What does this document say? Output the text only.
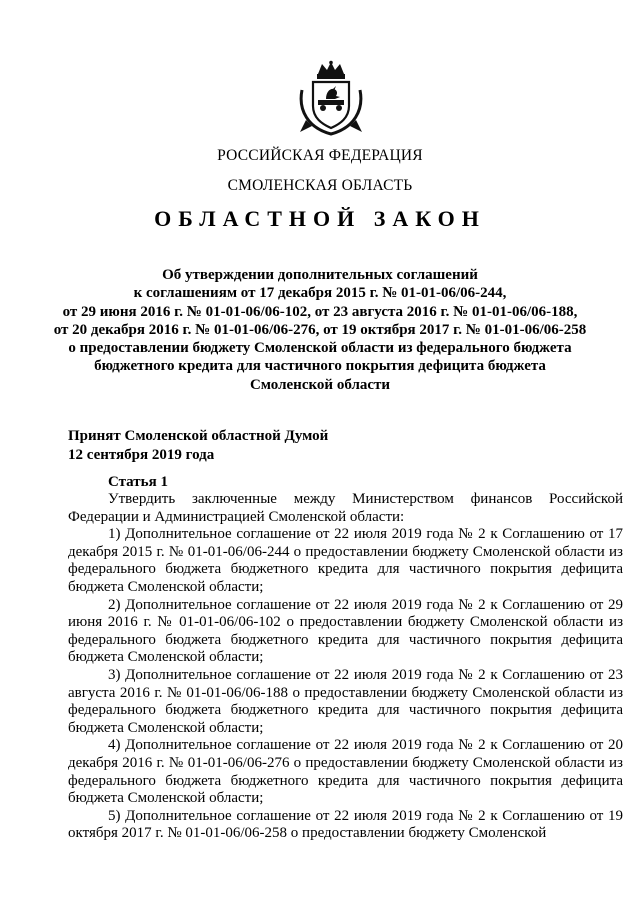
РОССИЙСКАЯ ФЕДЕРАЦИЯ
СМОЛЕНСКАЯ ОБЛАСТЬ
ОБЛАСТНОЙ ЗАКОН
Об утверждении дополнительных соглашений
к соглашениям от 17 декабря 2015 г. № 01-01-06/06-244,
от 29 июня 2016 г. № 01-01-06/06-102, от 23 августа 2016 г. № 01-01-06/06-188,
от 20 декабря 2016 г. № 01-01-06/06-276, от 19 октября 2017 г. № 01-01-06/06-258
о предоставлении бюджету Смоленской области из федерального бюджета
бюджетного кредита для частичного покрытия дефицита бюджета
Смоленской области
Принят Смоленской областной Думой
12 сентября 2019 года
Статья 1

Утвердить заключенные между Министерством финансов Российской Федерации и Администрацией Смоленской области:

1) Дополнительное соглашение от 22 июля 2019 года № 2 к Соглашению от 17 декабря 2015 г. № 01-01-06/06-244 о предоставлении бюджету Смоленской области из федерального бюджета бюджетного кредита для частичного покрытия дефицита бюджета Смоленской области;

2) Дополнительное соглашение от 22 июля 2019 года № 2 к Соглашению от 29 июня 2016 г. № 01-01-06/06-102 о предоставлении бюджету Смоленской области из федерального бюджета бюджетного кредита для частичного покрытия дефицита бюджета Смоленской области;

3) Дополнительное соглашение от 22 июля 2019 года № 2 к Соглашению от 23 августа 2016 г. № 01-01-06/06-188 о предоставлении бюджету Смоленской области из федерального бюджета бюджетного кредита для частичного покрытия дефицита бюджета Смоленской области;

4) Дополнительное соглашение от 22 июля 2019 года № 2 к Соглашению от 20 декабря 2016 г. № 01-01-06/06-276 о предоставлении бюджету Смоленской области из федерального бюджета бюджетного кредита для частичного покрытия дефицита бюджета Смоленской области;

5) Дополнительное соглашение от 22 июля 2019 года № 2 к Соглашению от 19 октября 2017 г. № 01-01-06/06-258 о предоставлении бюджету Смоленской
